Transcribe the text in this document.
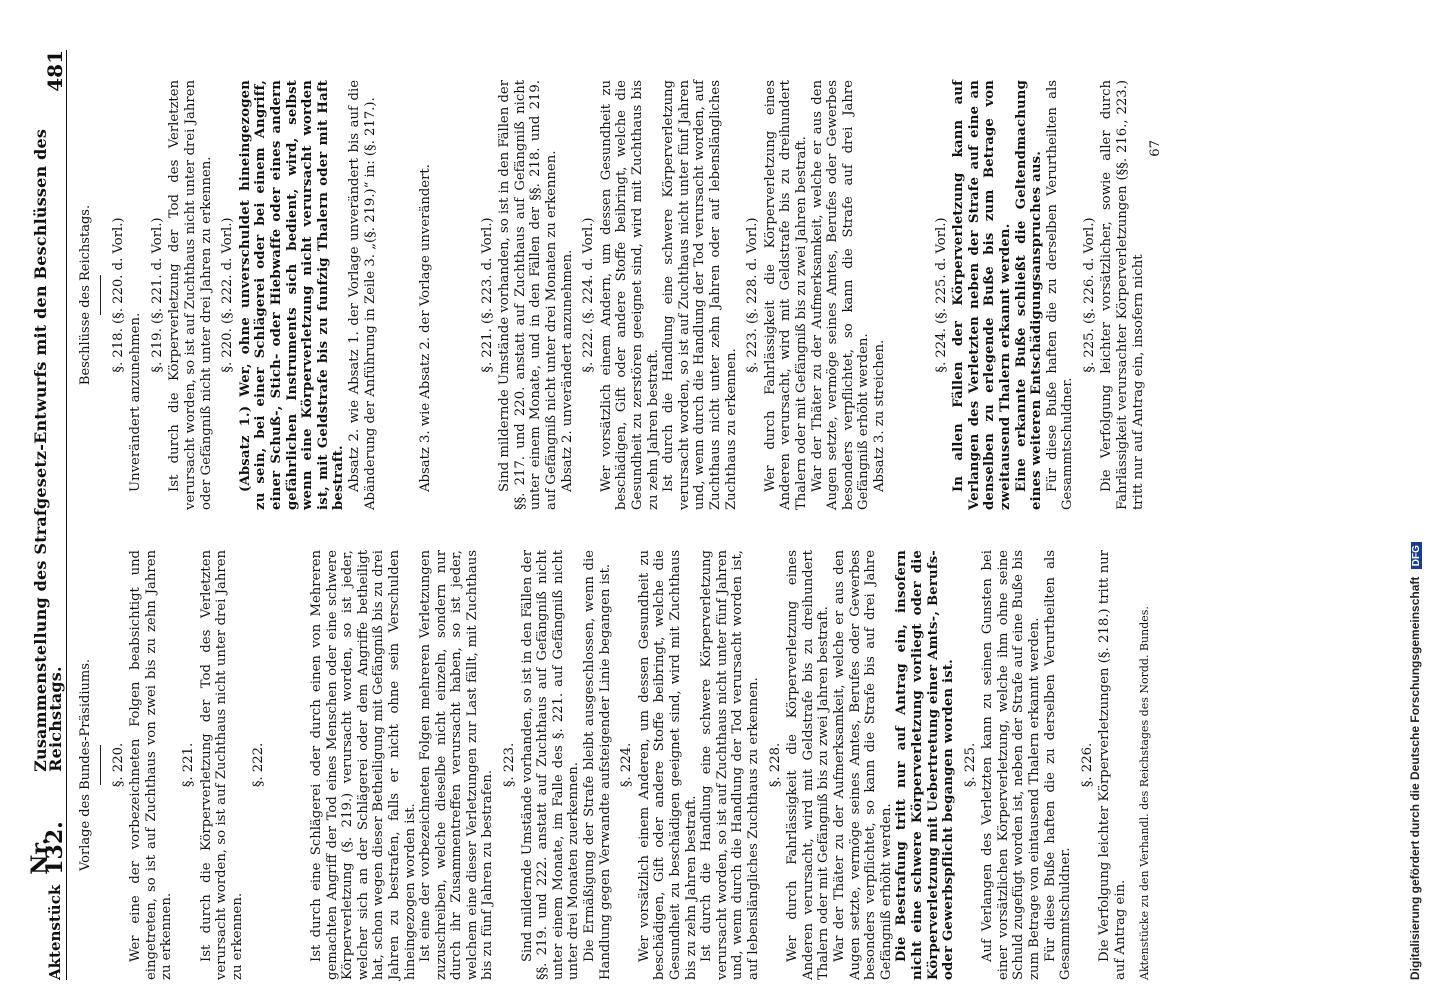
Aktenstück
Nr. 132.
Zusammenstellung des Strafgesetz-Entwurfs mit den Beschlüssen des Reichstags.
481
Vorlage des Bundes-Präsidiums. §. 220. Wer eine der vorbezeichneten Folgen beabsichtigt und eingetreten, so ist auf Zuchthaus von zwei bis zu zehn Jahren zu erkennen.
§. 221. Ist durch die Körperverletzung der Tod des Verletzten verursacht worden, so ist auf Zuchthaus nicht unter drei Jahren zu erkennen.
§. 222.	Ist durch eine Schlägerei oder durch einen von Mehreren gemachten Angriff der Tod eines Menschen oder eine schwere Körperverletzung (§. 219.) verursacht worden, so ist jeder, welcher sich an der Schlägerei oder dem Angriffe betheiligt hat, schon wegen dieser Betheiligung mit Gefängniß bis zu drei Jahren zu bestrafen, falls er nicht ohne sein Verschulden hineingezogen worden ist. Ist eine der vorbezeichneten Folgen mehreren Verletzungen zuzuschreiben, welche dieselbe nicht einzeln, sondern nur durch ihr Zusammentreffen verursacht haben, so ist jeder, welchem eine dieser Verletzungen zur Last fällt, mit Zuchthaus bis zu fünf Jahren zu bestrafen.
§. 223. Sind mildernde Umstände vorhanden, so ist in den Fällen der §§. 219. und 222. anstatt auf Zuchthaus auf Gefängniß nicht unter einem Monate, im Falle des §. 221. auf Gefängniß nicht unter drei Monaten zuerkennen. Die Ermäßigung der Strafe bleibt ausgeschlossen, wenn die Handlung gegen Verwandte aufsteigender Linie begangen ist. §. 224. Wer vorsätzlich einem Anderen, um dessen Gesundheit zu beschädigen, Gift oder andere Stoffe beibringt, welche die Gesundheit zu beschädigen geeignet sind, wird mit Zuchthaus bis zu zehn Jahren bestraft. Ist durch die Handlung eine schwere Körperverletzung verursacht worden, so ist auf Zuchthaus nicht unter fünf Jahren und, wenn durch die Handlung der Tod verursacht worden ist, auf lebenslängliches Zuchthaus zu erkennen. §. 228. Wer durch Fahrlässigkeit die Körperverletzung eines Anderen verursacht, wird mit Geldstrafe bis zu dreihundert Thalern oder mit Gefängniß bis zu zwei Jahren bestraft. War der Thäter zu der Aufmerksamkeit, welche er aus den Augen setzte, vermöge seines Amtes, Berufes oder Gewerbes besonders verpflichtet, so kann die Strafe bis auf drei Jahre Gefängniß erhöht werden. Die Bestrafung tritt nur auf Antrag ein, insofern nicht eine schwere Körperverletzung vorliegt oder die Körperverletzung mit Uebertretung einer Amts-, Berufs- oder Gewerbspflicht begangen worden ist. §. 225. Auf Verlangen des Verletzten kann zu seinen Gunsten bei einer vorsätzlichen Körperverletzung, welche ihm ohne seine Schuld zugefügt worden ist, neben der Strafe auf eine Buße bis zum Betrage von eintausend Thalern erkannt werden. Für diese Buße haften die zu derselben Verurtheilten als Gesammtschuldner.
§. 226. Die Verfolgung leichter Körperverletzungen (§. 218.) tritt nur auf Antrag ein. Aktenstücke zu den Verhandl. des Reichstages des Nordd. Bundes.
Beschlüsse des Reichstags. §. 218. (§. 220. d. Vorl.)
Unverändert anzunehmen.
§. 219. (§. 221. d. Vorl.) Ist durch die Körperverletzung der Tod des Verletzten verursacht worden, so ist auf Zuchthaus nicht unter drei Jahren oder Gefängniß nicht unter drei Jahren zu erkennen. §. 220. (§. 222. d. Vorl.) (Absatz 1.) Wer, ohne unverschuldet hineingezogen zu sein, bei einer Schlägerei oder bei einem Angriff, einer Schuß-, Stich- oder Hiebwaffe oder eines andern gefährlichen Instruments sich bedient, wird, selbst wenn eine Körperverletzung nicht verursacht worden ist, mit Geldstrafe bis zu funfzig Thalern oder mit Haft bestraft. Absatz 2. wie Absatz 1. der Vorlage unverändert bis auf die Abänderung der Anführung in Zeile 3. „(§. 219.)“ in: (§. 217.).	Absatz 3. wie Absatz 2. der Vorlage unverändert.	§. 221. (§. 223. d. Vorl.) Sind mildernde Umstände vorhanden, so ist in den Fällen der §§. 217. und 220. anstatt auf Zuchthaus auf Gefängniß nicht unter einem Monate, und in den Fällen der §§. 218. und 219. auf Gefängniß nicht unter drei Monaten zu erkennen. Absatz 2. unverändert anzunehmen. §. 222. (§. 224. d. Vorl.) Wer vorsätzlich einem Andern, um dessen Gesundheit zu beschädigen, Gift oder andere Stoffe beibringt, welche die Gesundheit zu zerstören geeignet sind, wird mit Zuchthaus bis zu zehn Jahren bestraft. Ist durch die Handlung eine schwere Körperverletzung verursacht worden, so ist auf Zuchthaus nicht unter fünf Jahren und, wenn durch die Handlung der Tod verursacht worden, auf Zuchthaus nicht unter zehn Jahren oder auf lebenslängliches Zuchthaus zu erkennen.
§. 223. (§. 228. d. Vorl.) Wer durch Fahrlässigkeit die Körperverletzung eines Anderen verursacht, wird mit Geldstrafe bis zu dreihundert Thalern oder mit Gefängniß bis zu zwei Jahren bestraft. War der Thäter zu der Aufmerksamkeit, welche er aus den Augen setzte, vermöge seines Amtes, Berufes oder Gewerbes besonders verpflichtet, so kann die Strafe auf drei Jahre Gefängniß erhöht werden. Absatz 3. zu streichen.
§. 224. (§. 225. d. Vorl.) In allen Fällen der Körperverletzung kann auf Verlangen des Verletzten neben der Strafe auf eine an denselben zu erlegende Buße bis zum Betrage von zweitausend Thalern erkannt werden. Eine erkannte Buße schließt die Geltendmachung eines weiteren Entschädigungsanspruches aus. Für diese Buße haften die zu derselben Verurtheilten als Gesammtschuldner.
§. 225. (§. 226. d. Vorl.) Die Verfolgung leichter vorsätzlicher, sowie aller durch Fahrlässigkeit verursachter Körperverletzungen (§§. 216., 223.) tritt nur auf Antrag ein, insofern nicht
67
Digitalisierung gefördert durch die Deutsche Forschungsgemeinschaft DFG
